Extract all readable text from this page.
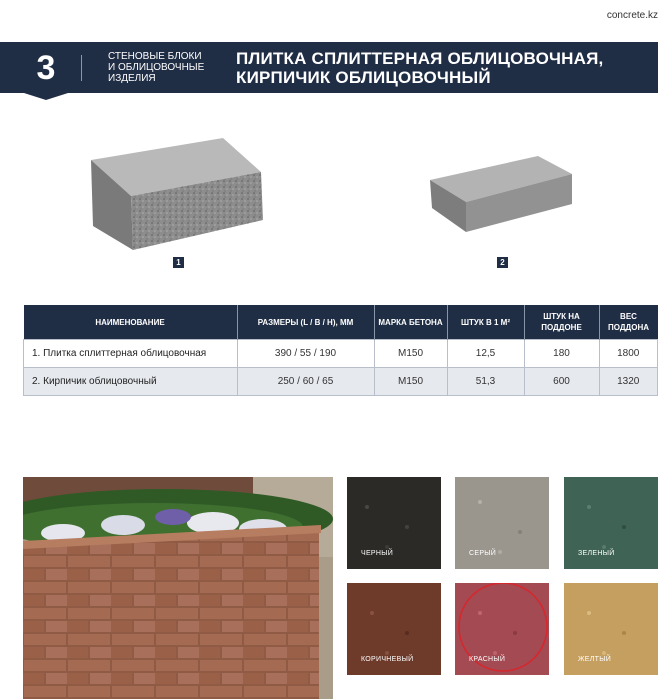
concrete.kz
3	СТЕНОВЫЕ БЛОКИ
И ОБЛИЦОВОЧНЫЕ
ИЗДЕЛИЯ
ПЛИТКА СПЛИТТЕРНАЯ ОБЛИЦОВОЧНАЯ,
КИРПИЧИК ОБЛИЦОВОЧНЫЙ
1	2
НАИМЕНОВАНИЕ	РАЗМЕРЫ (L / B / H), ММ	МАРКА БЕТОНА	ШТУК В 1 М²	ШТУК НА ПОДДОНЕ	ВЕС ПОДДОНА
1. Плитка сплиттерная облицовочная	390 / 55 / 190	М150	12,5	180	1800
2. Кирпичик облицовочный	250 / 60 / 65	М150	51,3	600	1320
ЧЕРНЫЙ	СЕРЫЙ	ЗЕЛЕНЫЙ
КОРИЧНЕВЫЙ	КРАСНЫЙ	ЖЕЛТЫЙ
